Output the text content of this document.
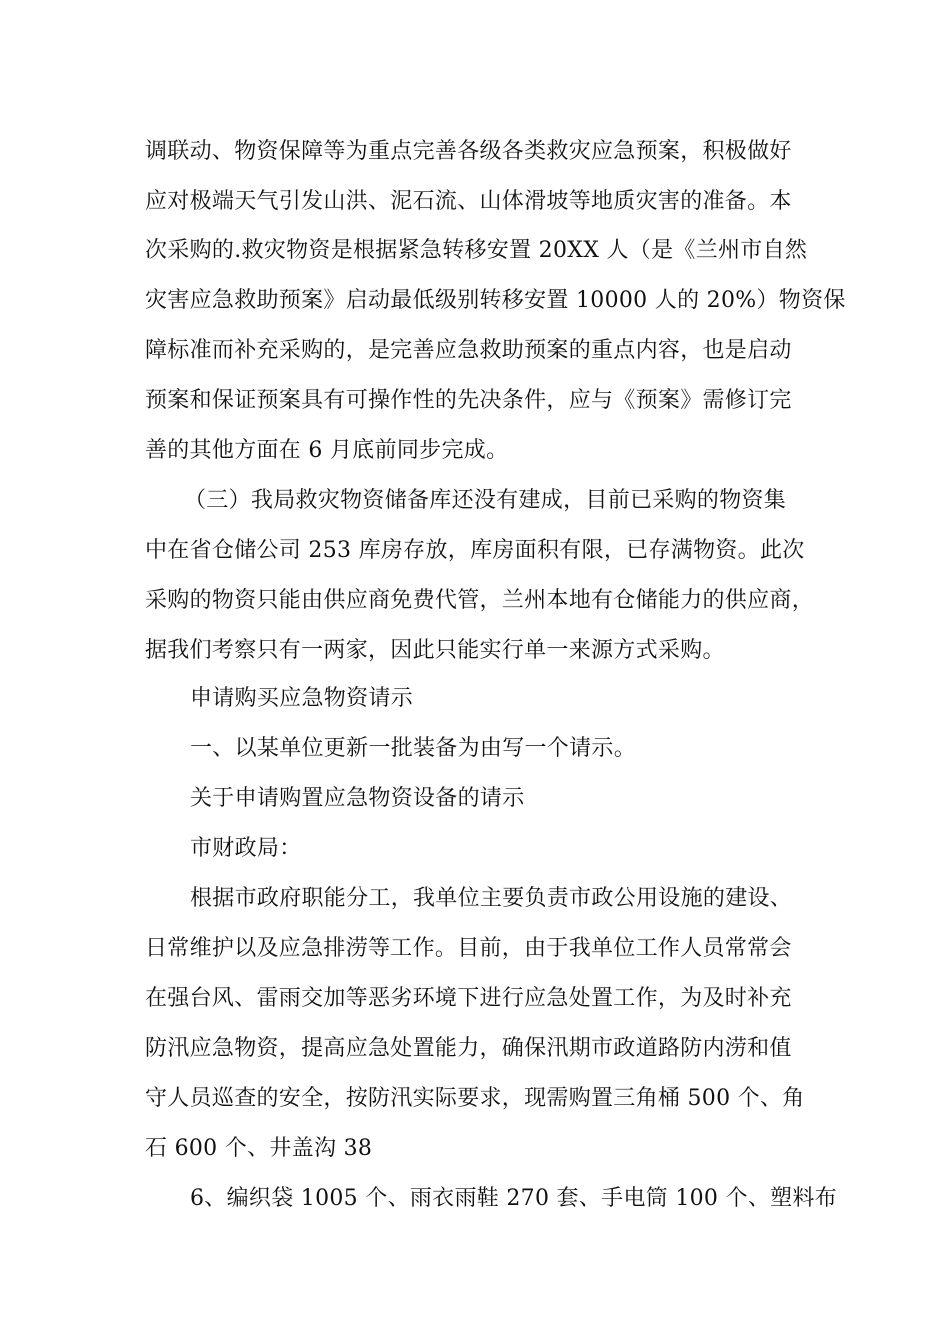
调联动、物资保障等为重点完善各级各类救灾应急预案，积极做好
应对极端天气引发山洪、泥石流、山体滑坡等地质灾害的准备。本
次采购的.救灾物资是根据紧急转移安置 20XX 人（是《兰州市自然
灾害应急救助预案》启动最低级别转移安置 10000 人的 20%）物资保
障标准而补充采购的，是完善应急救助预案的重点内容，也是启动
预案和保证预案具有可操作性的先决条件，应与《预案》需修订完
善的其他方面在 6 月底前同步完成。
（三）我局救灾物资储备库还没有建成，目前已采购的物资集
中在省仓储公司 253 库房存放，库房面积有限，已存满物资。此次
采购的物资只能由供应商免费代管，兰州本地有仓储能力的供应商，
据我们考察只有一两家，因此只能实行单一来源方式采购。
申请购买应急物资请示
一、以某单位更新一批装备为由写一个请示。
关于申请购置应急物资设备的请示
市财政局：
根据市政府职能分工，我单位主要负责市政公用设施的建设、
日常维护以及应急排涝等工作。目前，由于我单位工作人员常常会
在强台风、雷雨交加等恶劣环境下进行应急处置工作，为及时补充
防汛应急物资，提高应急处置能力，确保汛期市政道路防内涝和值
守人员巡查的安全，按防汛实际要求，现需购置三角桶 500 个、角
石 600 个、井盖沟 38
6、编织袋 1005 个、雨衣雨鞋 270 套、手电筒 100 个、塑料布
